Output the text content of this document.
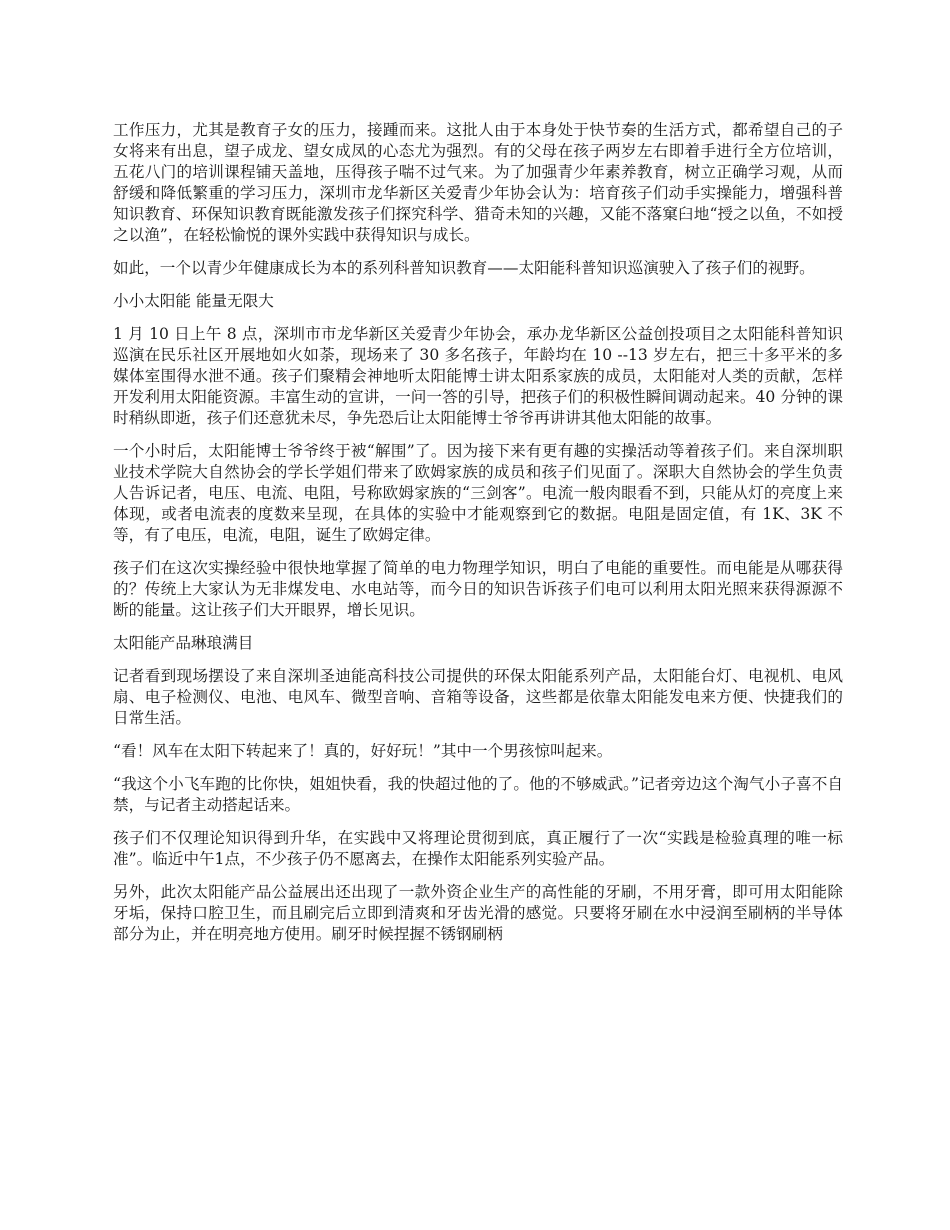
工作压力，尤其是教育子女的压力，接踵而来。这批人由于本身处于快节奏的生活方式，都希望自己的子女将来有出息，望子成龙、望女成凤的心态尤为强烈。有的父母在孩子两岁左右即着手进行全方位培训，五花八门的培训课程铺天盖地，压得孩子喘不过气来。为了加强青少年素养教育，树立正确学习观，从而舒缓和降低繁重的学习压力，深圳市龙华新区关爱青少年协会认为：培育孩子们动手实操能力，增强科普知识教育、环保知识教育既能激发孩子们探究科学、猎奇未知的兴趣，又能不落窠臼地“授之以鱼，不如授之以渔”，在轻松愉悦的课外实践中获得知识与成长。

如此，一个以青少年健康成长为本的系列科普知识教育——太阳能科普知识巡演驶入了孩子们的视野。

小小太阳能 能量无限大

1 月 10 日上午 8 点，深圳市市龙华新区关爱青少年协会，承办龙华新区公益创投项目之太阳能科普知识巡演在民乐社区开展地如火如荼，现场来了 30 多名孩子，年龄均在 10 --13 岁左右，把三十多平米的多媒体室围得水泄不通。孩子们聚精会神地听太阳能博士讲太阳系家族的成员，太阳能对人类的贡献，怎样开发利用太阳能资源。丰富生动的宣讲，一问一答的引导，把孩子们的积极性瞬间调动起来。40 分钟的课时稍纵即逝，孩子们还意犹未尽，争先恐后让太阳能博士爷爷再讲讲其他太阳能的故事。

一个小时后，太阳能博士爷爷终于被“解围”了。因为接下来有更有趣的实操活动等着孩子们。来自深圳职业技术学院大自然协会的学长学姐们带来了欧姆家族的成员和孩子们见面了。深职大自然协会的学生负责人告诉记者，电压、电流、电阻，号称欧姆家族的“三剑客”。电流一般肉眼看不到，只能从灯的亮度上来体现，或者电流表的度数来呈现，在具体的实验中才能观察到它的数据。电阻是固定值，有 1K、3K 不等，有了电压，电流，电阻，诞生了欧姆定律。

孩子们在这次实操经验中很快地掌握了简单的电力物理学知识，明白了电能的重要性。而电能是从哪获得的？传统上大家认为无非煤发电、水电站等，而今日的知识告诉孩子们电可以利用太阳光照来获得源源不断的能量。这让孩子们大开眼界，增长见识。

太阳能产品琳琅满目

记者看到现场摆设了来自深圳圣迪能高科技公司提供的环保太阳能系列产品，太阳能台灯、电视机、电风扇、电子检测仪、电池、电风车、微型音响、音箱等设备，这些都是依靠太阳能发电来方便、快捷我们的日常生活。

“看！风车在太阳下转起来了！真的，好好玩！”其中一个男孩惊叫起来。

“我这个小飞车跑的比你快，姐姐快看，我的快超过他的了。他的不够威武。”记者旁边这个淘气小子喜不自禁，与记者主动搭起话来。

孩子们不仅理论知识得到升华，在实践中又将理论贯彻到底，真正履行了一次“实践是检验真理的唯一标准”。临近中午1点，不少孩子仍不愿离去，在操作太阳能系列实验产品。

另外，此次太阳能产品公益展出还出现了一款外资企业生产的高性能的牙刷，不用牙膏，即可用太阳能除牙垢，保持口腔卫生，而且刷完后立即到清爽和牙齿光滑的感觉。只要将牙刷在水中浸润至刷柄的半导体部分为止，并在明亮地方使用。刷牙时候捏握不锈钢刷柄
